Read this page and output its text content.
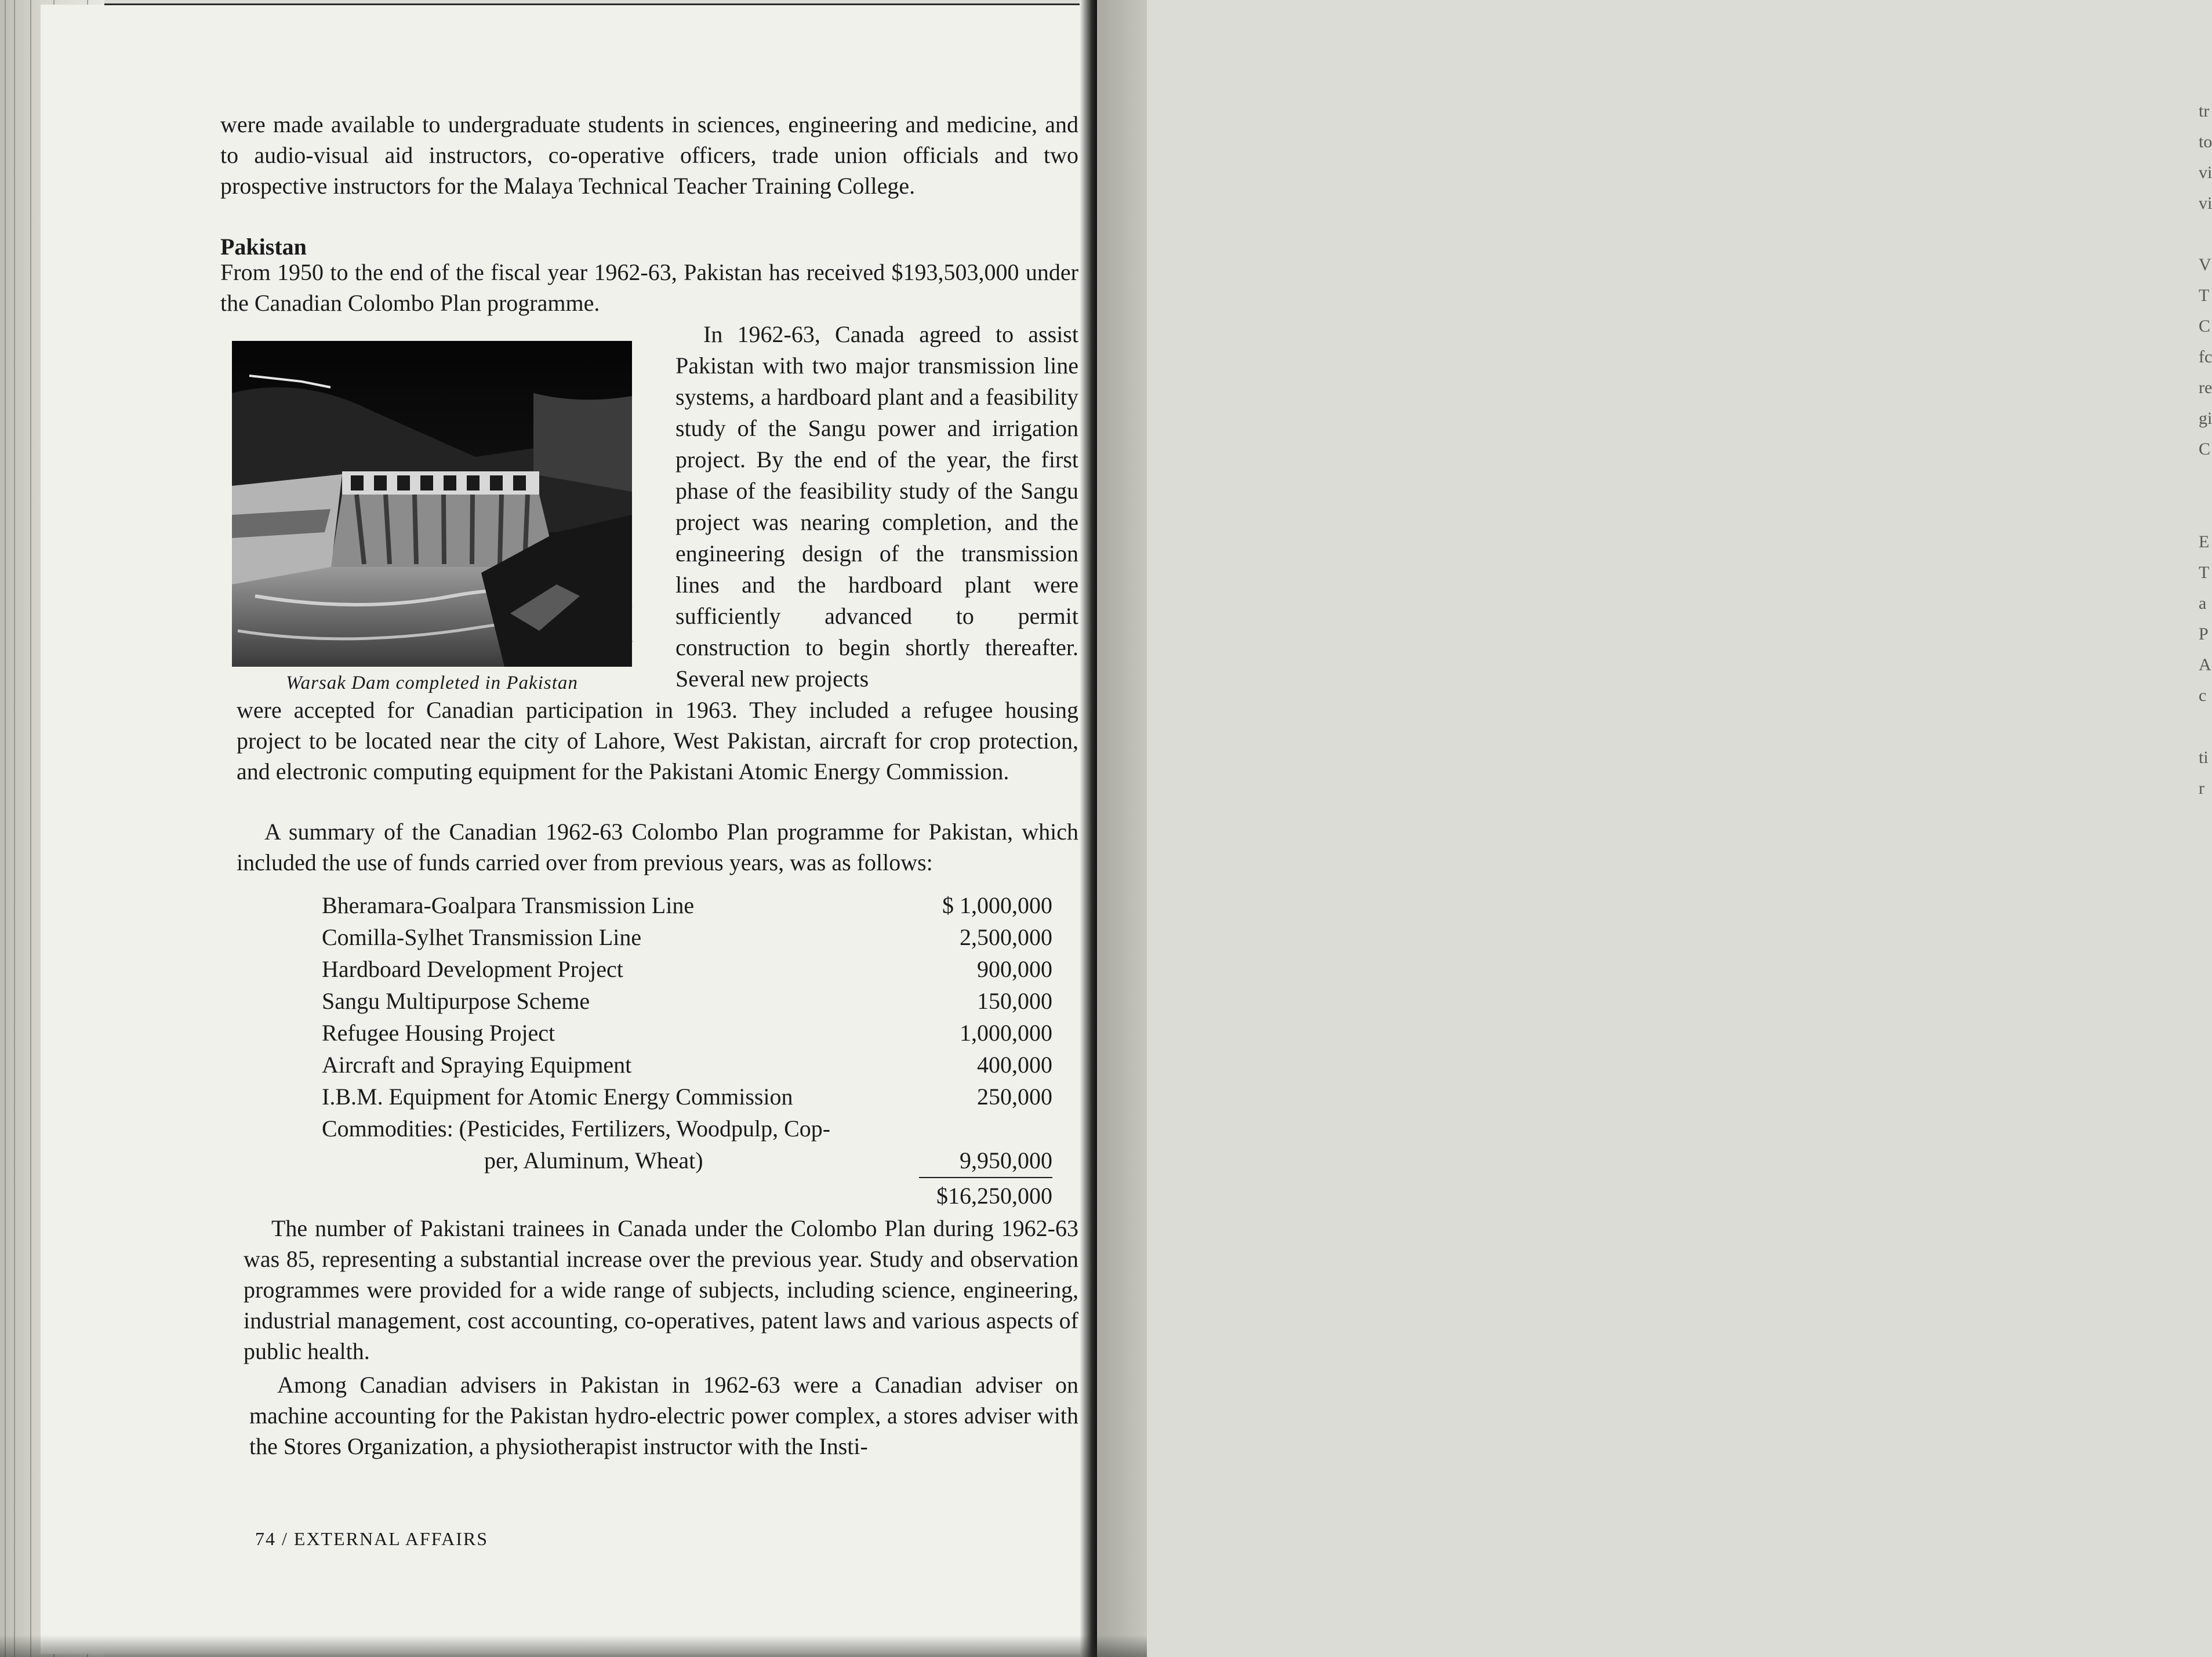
tr
to
vi
vi
V
T
C
fc
re
gi
C
E
T
a
P
A
c
ti
r

were made available to undergraduate students in sciences, engineering and medicine, and to audio-visual aid instructors, co-operative officers, trade union officials and two prospective instructors for the Malaya Technical Teacher Training College.

Pakistan

From 1950 to the end of the fiscal year 1962-63, Pakistan has received $193,503,000 under the Canadian Colombo Plan programme.

Warsak Dam completed in Pakistan

In 1962-63, Canada agreed to assist Pakistan with two major transmission line systems, a hardboard plant and a feasibility study of the Sangu power and irrigation project. By the end of the year, the first phase of the feasibility study of the Sangu project was nearing completion, and the engineering design of the transmission lines and the hardboard plant were sufficiently advanced to permit construction to begin shortly thereafter. Several new projects

were accepted for Canadian participation in 1963. They included a refugee housing project to be located near the city of Lahore, West Pakistan, aircraft for crop protection, and electronic computing equipment for the Pakistani Atomic Energy Commission.

A summary of the Canadian 1962-63 Colombo Plan programme for Pakistan, which included the use of funds carried over from previous years, was as follows:

Bheramara-Goalpara Transmission Line	$ 1,000,000
Comilla-Sylhet Transmission Line	2,500,000
Hardboard Development Project	900,000
Sangu Multipurpose Scheme	150,000
Refugee Housing Project	1,000,000
Aircraft and Spraying Equipment	400,000
I.B.M. Equipment for Atomic Energy Commission	250,000
Commodities: (Pesticides, Fertilizers, Woodpulp, Cop-
per, Aluminum, Wheat)	9,950,000
$16,250,000

The number of Pakistani trainees in Canada under the Colombo Plan during 1962-63 was 85, representing a substantial increase over the previous year. Study and observation programmes were provided for a wide range of subjects, including science, engineering, industrial management, cost accounting, co-operatives, patent laws and various aspects of public health.

Among Canadian advisers in Pakistan in 1962-63 were a Canadian adviser on machine accounting for the Pakistan hydro-electric power complex, a stores adviser with the Stores Organization, a physiotherapist instructor with the Insti-

74 / EXTERNAL AFFAIRS
